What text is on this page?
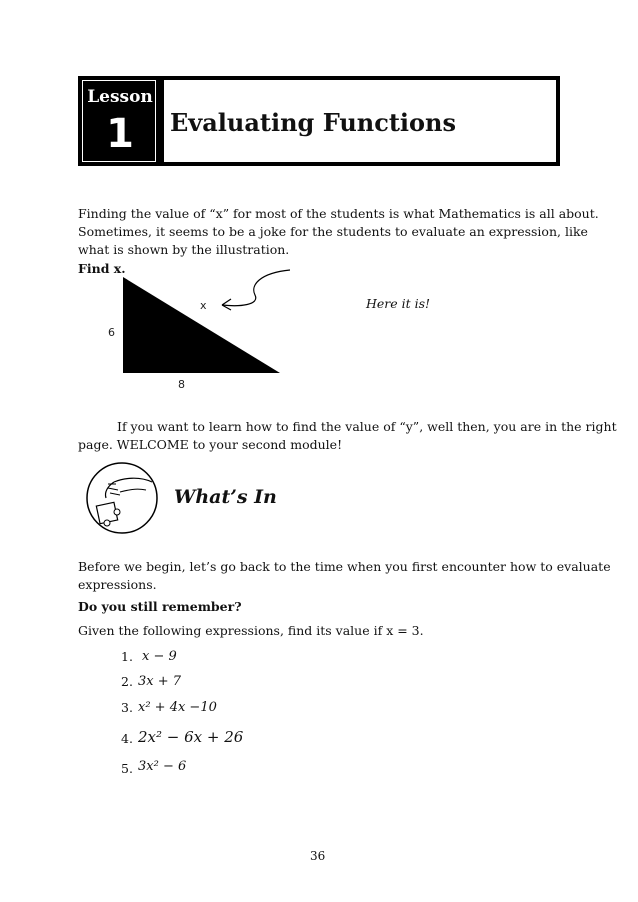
Lesson
1	Evaluating Functions
Finding the value of “x” for most of the students is what Mathematics is all about.
Sometimes, it seems to be a joke for the students to evaluate an expression, like
what is shown by the illustration.
Find x.
x
6
8
Here it is!
If you want to learn how to find the value of “y”, well then, you are in the right
page. WELCOME to your second module!
What’s In
Before we begin, let’s go back to the time when you first encounter how to evaluate
expressions.
Do you still remember?
Given the following expressions, find its value if x = 3.
1. x − 9
2. 3x + 7
3. x² + 4x −10
4. 2x² − 6x + 26
5. 3x² − 6
36
